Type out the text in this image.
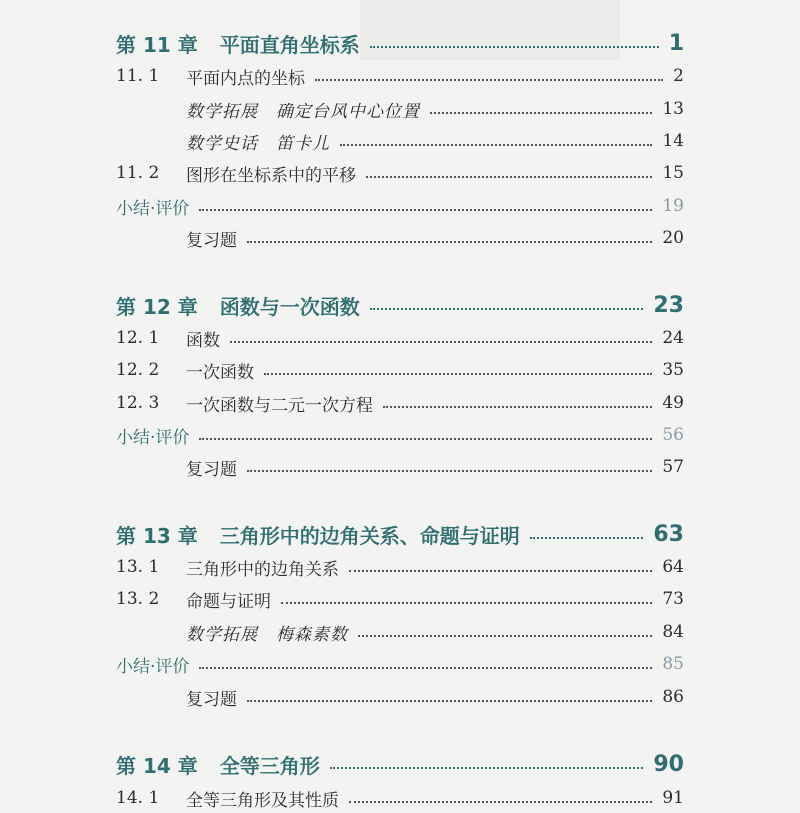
第 11 章 平面直角坐标系	1
11. 1	平面内点的坐标	2
数学拓展　确定台风中心位置	13
数学史话　笛卡儿	14
11. 2	图形在坐标系中的平移	15
小结·评价	19
复习题	20
第 12 章 函数与一次函数	23
12. 1	函数	24
12. 2	一次函数	35
12. 3	一次函数与二元一次方程	49
小结·评价	56
复习题	57
第 13 章 三角形中的边角关系、命题与证明	63
13. 1	三角形中的边角关系	64
13. 2	命题与证明	73
数学拓展　梅森素数	84
小结·评价	85
复习题	86
第 14 章 全等三角形	90
14. 1	全等三角形及其性质	91
